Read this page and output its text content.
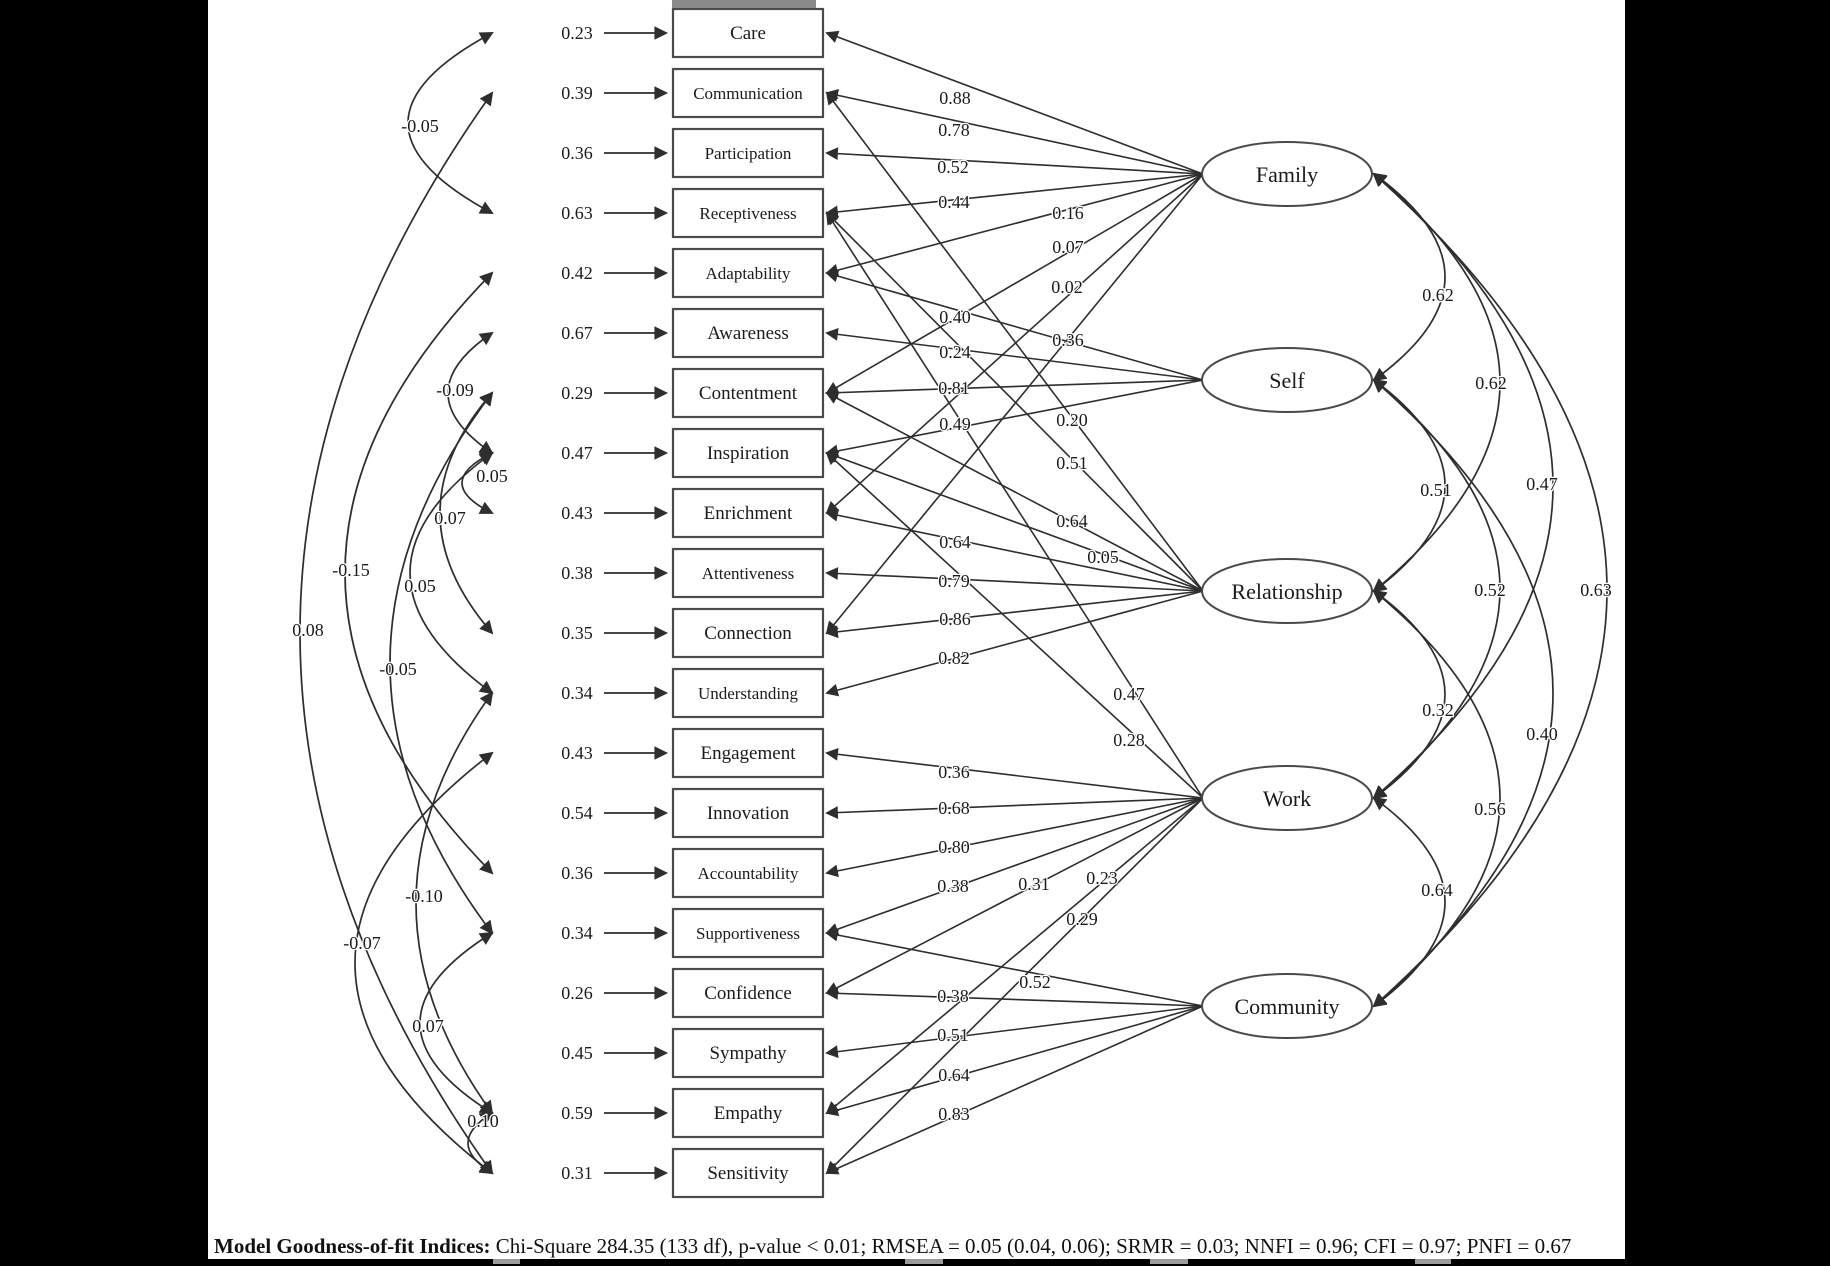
Care
Communication
Participation
Receptiveness
Adaptability
Awareness
Contentment
Inspiration
Enrichment
Attentiveness
Connection
Understanding
Engagement
Innovation
Accountability
Supportiveness
Confidence
Sympathy
Empathy
Sensitivity
0.23
0.39
0.36
0.63
0.42
0.67
0.29
0.47
0.43
0.38
0.35
0.34
0.43
0.54
0.36
0.34
0.26
0.45
0.59
0.31
Family
Self
Relationship
Work
Community
0.88
0.78
0.52
0.44
0.16
0.07
0.02
0.36
0.40
0.24
0.81
0.49	0.20
0.51
0.64
0.05
0.64
0.79
0.86
0.82
0.47
0.28
0.36
0.68
0.80
0.38	0.31 0.23
0.29
0.52
0.38
0.51
0.64
0.83
0.62
0.51
0.32
0.64
0.62
0.52
0.56
0.47
0.40
0.63
-0.05
-0.09
0.05
0.07
-0.15
0.05
0.08
-0.05
-0.10
-0.07
0.07
0.10
Model Goodness-of-fit Indices: Chi-Square 284.35 (133 df), p-value < 0.01; RMSEA = 0.05 (0.04, 0.06); SRMR = 0.03; NNFI = 0.96; CFI = 0.97; PNFI = 0.67
